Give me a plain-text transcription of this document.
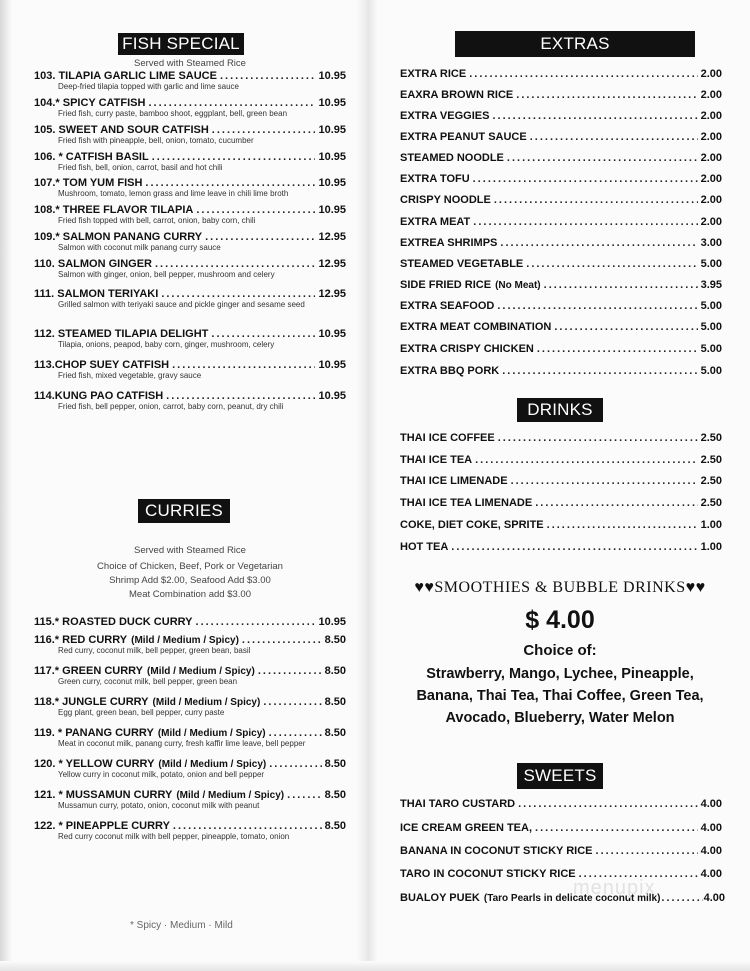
FISH SPECIAL
Served with Steamed Rice
103. TILAPIA GARLIC LIME SAUCE .....	10.95
Deep-fried tilapia topped with garlic and lime sauce
104.* SPICY CATFISH .....	10.95
Fried fish, curry paste, bamboo shoot, eggplant, bell, green bean
105. SWEET AND SOUR CATFISH .....	10.95
Fried fish with pineapple, bell, onion, tomato, cucumber
106. * CATFISH BASIL .....	10.95
Fried fish, bell, onion, carrot, basil and hot chili
107.* TOM YUM FISH .....	10.95
Mushroom, tomato, lemon grass and lime leave in chili lime broth
108.* THREE FLAVOR TILAPIA .....	10.95
Fried fish topped with bell, carrot, onion, baby corn, chili
109.* SALMON PANANG CURRY .....	12.95
Salmon with coconut milk panang curry sauce
110. SALMON GINGER .....	12.95
Salmon with ginger, onion, bell pepper, mushroom and celery
111. SALMON TERIYAKI .....	12.95
Grilled salmon with teriyaki sauce and pickle ginger and sesame seed
112. STEAMED TILAPIA DELIGHT .....	10.95
Tilapia, onions, peapod, baby corn, ginger, mushroom, celery
113.CHOP SUEY CATFISH .....	10.95
Fried fish, mixed vegetable, gravy sauce
114.KUNG PAO CATFISH .....	10.95
Fried fish, bell pepper, onion, carrot, baby corn, peanut, dry chili
CURRIES
Served with Steamed Rice
Choice of Chicken, Beef, Pork or Vegetarian
Shrimp Add $2.00, Seafood Add $3.00
Meat Combination add $3.00
115.* ROASTED DUCK CURRY .....	10.95
116.* RED CURRY (Mild / Medium / Spicy) .....	8.50
Red curry, coconut milk, bell pepper, green bean, basil
117.* GREEN CURRY (Mild / Medium / Spicy) .....	8.50
Green curry, coconut milk, bell pepper, green bean
118.* JUNGLE CURRY (Mild / Medium / Spicy) .....	8.50
Egg plant, green bean, bell pepper, curry paste
119. * PANANG CURRY (Mild / Medium / Spicy) .....	8.50
Meat in coconut milk, panang curry, fresh kaffir lime leave, bell pepper
120. * YELLOW CURRY (Mild / Medium / Spicy) .....	8.50
Yellow curry in coconut milk, potato, onion and bell pepper
121. * MUSSAMUN CURRY (Mild / Medium / Spicy) .....	8.50
Mussamun curry, potato, onion, coconut milk with peanut
122. * PINEAPPLE CURRY .....	8.50
Red curry coconut milk with bell pepper, pineapple, tomato, onion
* Spicy · Medium · Mild
EXTRAS
EXTRA RICE .....	2.00
EAXRA BROWN RICE .....	2.00
EXTRA VEGGIES .....	2.00
EXTRA PEANUT SAUCE .....	2.00
STEAMED NOODLE .....	2.00
EXTRA TOFU .....	2.00
CRISPY NOODLE .....	2.00
EXTRA MEAT .....	2.00
EXTREA SHRIMPS .....	3.00
STEAMED VEGETABLE .....	5.00
SIDE FRIED RICE (No Meat) .....	3.95
EXTRA SEAFOOD .....	5.00
EXTRA MEAT COMBINATION .....	5.00
EXTRA CRISPY CHICKEN .....	5.00
EXTRA BBQ PORK .....	5.00
DRINKS
THAI ICE COFFEE .....	2.50
THAI ICE TEA .....	2.50
THAI ICE LIMENADE .....	2.50
THAI ICE TEA LIMENADE .....	2.50
COKE, DIET COKE, SPRITE .....	1.00
HOT TEA .....	1.00
♥♥SMOOTHIES & BUBBLE DRINKS♥♥
$ 4.00
Choice of:
Strawberry, Mango, Lychee, Pineapple,
Banana, Thai Tea, Thai Coffee, Green Tea,
Avocado, Blueberry, Water Melon
SWEETS
THAI TARO CUSTARD .....	4.00
ICE CREAM GREEN TEA, .....	4.00
BANANA IN COCONUT STICKY RICE .....	4.00
TARO IN COCONUT STICKY RICE .....	4.00
BUALOY PUEK (Taro Pearls in delicate coconut milk) .....	4.00
menupix
